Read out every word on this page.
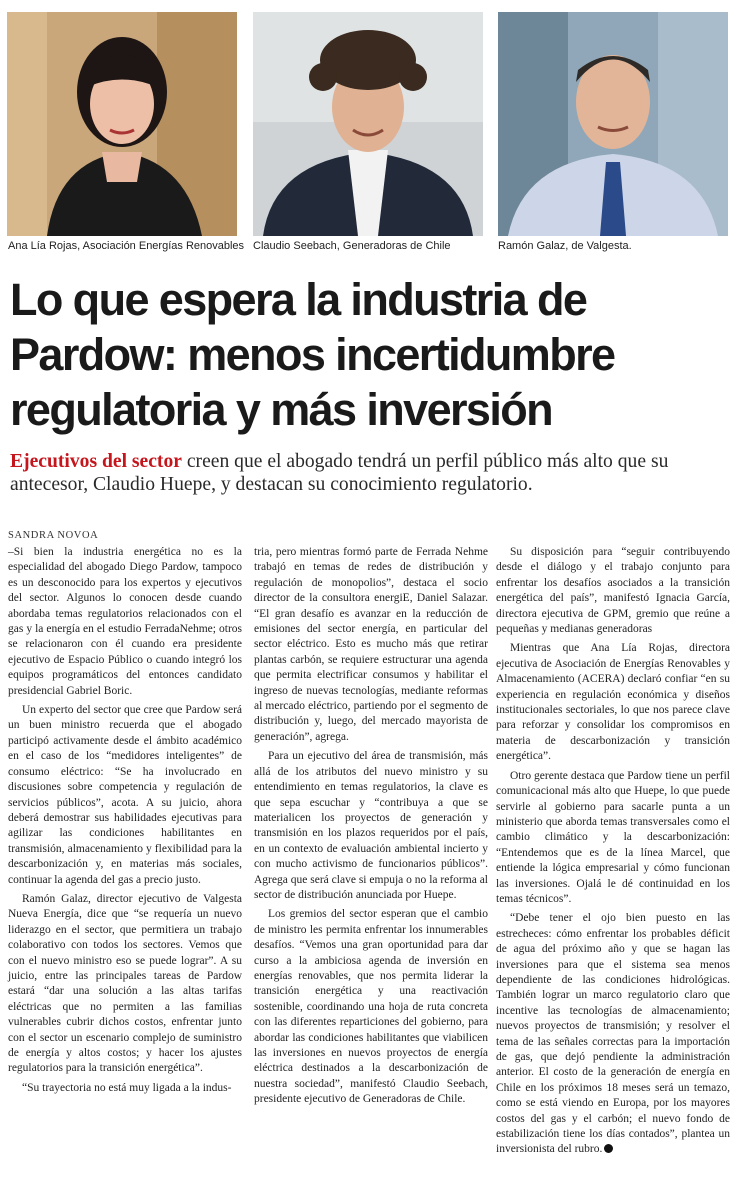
Ana Lía Rojas, Asociación Energías Renovables Claudio Seebach, Generadoras de Chile	Ramón Galaz, de Valgesta.
Lo que espera la industria de
Pardow: menos incertidumbre
regulatoria y más inversión
Ejecutivos del sector creen que el abogado tendrá un perfil público más alto que su antecesor, Claudio Huepe, y destacan su conocimiento regulatorio.
SANDRA NOVOA

–Si bien la industria energética no es la especialidad del abogado Diego Pardow, tampoco es un desconocido para los expertos y ejecutivos del sector. Algunos lo conocen desde cuando abordaba temas regulatorios relacionados con el gas y la energía en el estudio FerradaNehme; otros se relacionaron con él cuando era presidente ejecutivo de Espacio Público o cuando integró los equipos programáticos del entonces candidato presidencial Gabriel Boric.

Un experto del sector que cree que Pardow será un buen ministro recuerda que el abogado participó activamente desde el ámbito académico en el caso de los “medidores inteligentes” de consumo eléctrico: “Se ha involucrado en discusiones sobre competencia y regulación de servicios públicos”, acota. A su juicio, ahora deberá demostrar sus habilidades ejecutivas para agilizar las condiciones habilitantes en transmisión, almacenamiento y flexibilidad para la descarbonización y, en materias más sociales, continuar la agenda del gas a precio justo.

Ramón Galaz, director ejecutivo de Valgesta Nueva Energía, dice que “se requería un nuevo liderazgo en el sector, que permitiera un trabajo colaborativo con todos los sectores. Vemos que con el nuevo ministro eso se puede lograr”. A su juicio, entre las principales tareas de Pardow estará “dar una solución a las altas tarifas eléctricas que no permiten a las familias vulnerables cubrir dichos costos, enfrentar junto con el sector un escenario complejo de suministro de energía y altos costos; y hacer los ajustes regulatorios para la transición energética”.

“Su trayectoria no está muy ligada a la indus-

tria, pero mientras formó parte de Ferrada Nehme trabajó en temas de redes de distribución y regulación de monopolios”, destaca el socio director de la consultora energiE, Daniel Salazar. “El gran desafío es avanzar en la reducción de emisiones del sector energía, en particular del sector eléctrico. Esto es mucho más que retirar plantas carbón, se requiere estructurar una agenda que permita electrificar consumos y habilitar el ingreso de nuevas tecnologías, mediante reformas al mercado eléctrico, partiendo por el segmento de distribución y, luego, del mercado mayorista de generación”, agrega.

Para un ejecutivo del área de transmisión, más allá de los atributos del nuevo ministro y su entendimiento en temas regulatorios, la clave es que sepa escuchar y “contribuya a que se materialicen los proyectos de generación y transmisión en los plazos requeridos por el país, en un contexto de evaluación ambiental incierto y con mucho activismo de funcionarios públicos”. Agrega que será clave si empuja o no la reforma al sector de distribución anunciada por Huepe.

Los gremios del sector esperan que el cambio de ministro les permita enfrentar los innumerables desafíos. “Vemos una gran oportunidad para dar curso a la ambiciosa agenda de inversión en energías renovables, que nos permita liderar la transición energética y una reactivación sostenible, coordinando una hoja de ruta concreta con las diferentes reparticiones del gobierno, para abordar las condiciones habilitantes que viabilicen las inversiones en nuevos proyectos de energía eléctrica destinados a la descarbonización de nuestra sociedad”, manifestó Claudio Seebach, presidente ejecutivo de Generadoras de Chile.

Su disposición para “seguir contribuyendo desde el diálogo y el trabajo conjunto para enfrentar los desafíos asociados a la transición energética del país”, manifestó Ignacia García, directora ejecutiva de GPM, gremio que reúne a pequeñas y medianas generadoras

Mientras que Ana Lía Rojas, directora ejecutiva de Asociación de Energías Renovables y Almacenamiento (ACERA) declaró confiar “en su experiencia en regulación económica y diseños institucionales sectoriales, lo que nos parece clave para reforzar y consolidar los compromisos en materia de descarbonización y transición energética”.

Otro gerente destaca que Pardow tiene un perfil comunicacional más alto que Huepe, lo que puede servirle al gobierno para sacarle punta a un ministerio que aborda temas transversales como el cambio climático y la descarbonización: “Entendemos que es de la línea Marcel, que entiende la lógica empresarial y cómo funcionan las inversiones. Ojalá le dé continuidad en los temas técnicos”.

“Debe tener el ojo bien puesto en las estrecheces: cómo enfrentar los probables déficit de agua del próximo año y que se hagan las inversiones para que el sistema sea menos dependiente de las condiciones hidrológicas. También lograr un marco regulatorio claro que incentive las tecnologías de almacenamiento; nuevos proyectos de transmisión; y resolver el tema de las señales correctas para la importación de gas, que dejó pendiente la administración anterior. El costo de la generación de energía en Chile en los próximos 18 meses será un temazo, como se está viendo en Europa, por los mayores costos del gas y el carbón; el nuevo fondo de estabilización tiene los días contados”, plantea un inversionista del rubro.
